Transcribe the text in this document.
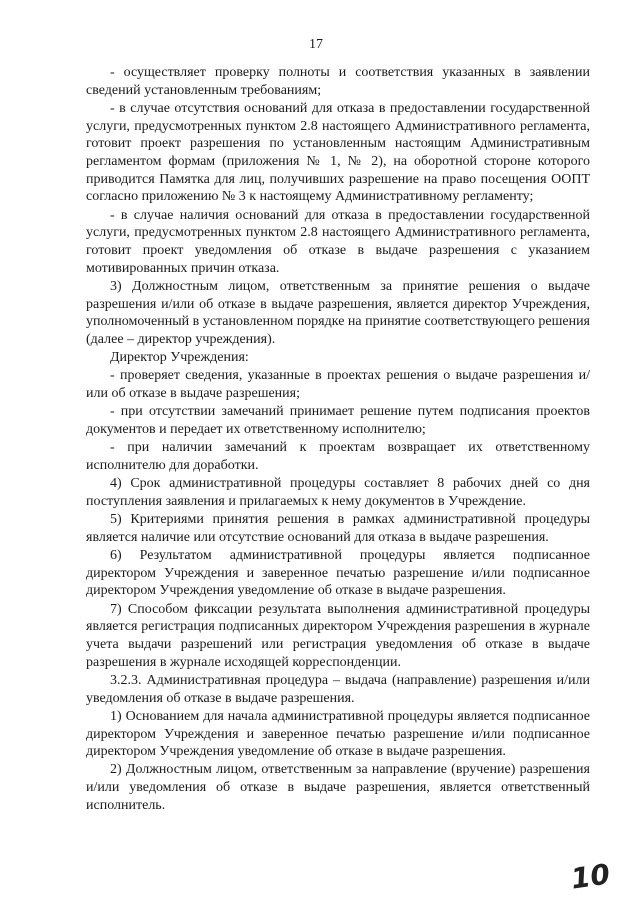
17

- осуществляет проверку полноты и соответствия указанных в заявлении сведений установленным требованиям;

- в случае отсутствия оснований для отказа в предоставлении государственной услуги, предусмотренных пунктом 2.8 настоящего Административного регламента, готовит проект разрешения по установленным настоящим Административным регламентом формам (приложения № 1, № 2), на оборотной стороне которого приводится Памятка для лиц, получивших разрешение на право посещения ООПТ согласно приложению № 3 к настоящему Административному регламенту;

- в случае наличия оснований для отказа в предоставлении государственной услуги, предусмотренных пунктом 2.8 настоящего Административного регламента, готовит проект уведомления об отказе в выдаче разрешения с указанием мотивированных причин отказа.

3) Должностным лицом, ответственным за принятие решения о выдаче разрешения и/или об отказе в выдаче разрешения, является директор Учреждения, уполномоченный в установленном порядке на принятие соответствующего решения (далее – директор учреждения).

Директор Учреждения:

- проверяет сведения, указанные в проектах решения о выдаче разрешения и/или об отказе в выдаче разрешения;

- при отсутствии замечаний принимает решение путем подписания проектов документов и передает их ответственному исполнителю;

- при наличии замечаний к проектам возвращает их ответственному исполнителю для доработки.

4) Срок административной процедуры составляет 8 рабочих дней со дня поступления заявления и прилагаемых к нему документов в Учреждение.

5) Критериями принятия решения в рамках административной процедуры является наличие или отсутствие оснований для отказа в выдаче разрешения.

6) Результатом административной процедуры является подписанное директором Учреждения и заверенное печатью разрешение и/или подписанное директором Учреждения уведомление об отказе в выдаче разрешения.

7) Способом фиксации результата выполнения административной процедуры является регистрация подписанных директором Учреждения разрешения в журнале учета выдачи разрешений или регистрация уведомления об отказе в выдаче разрешения в журнале исходящей корреспонденции.

3.2.3. Административная процедура – выдача (направление) разрешения и/или уведомления об отказе в выдаче разрешения.

1) Основанием для начала административной процедуры является подписанное директором Учреждения и заверенное печатью разрешение и/или подписанное директором Учреждения уведомление об отказе в выдаче разрешения.

2) Должностным лицом, ответственным за направление (вручение) разрешения и/или уведомления об отказе в выдаче разрешения, является ответственный исполнитель.

10
